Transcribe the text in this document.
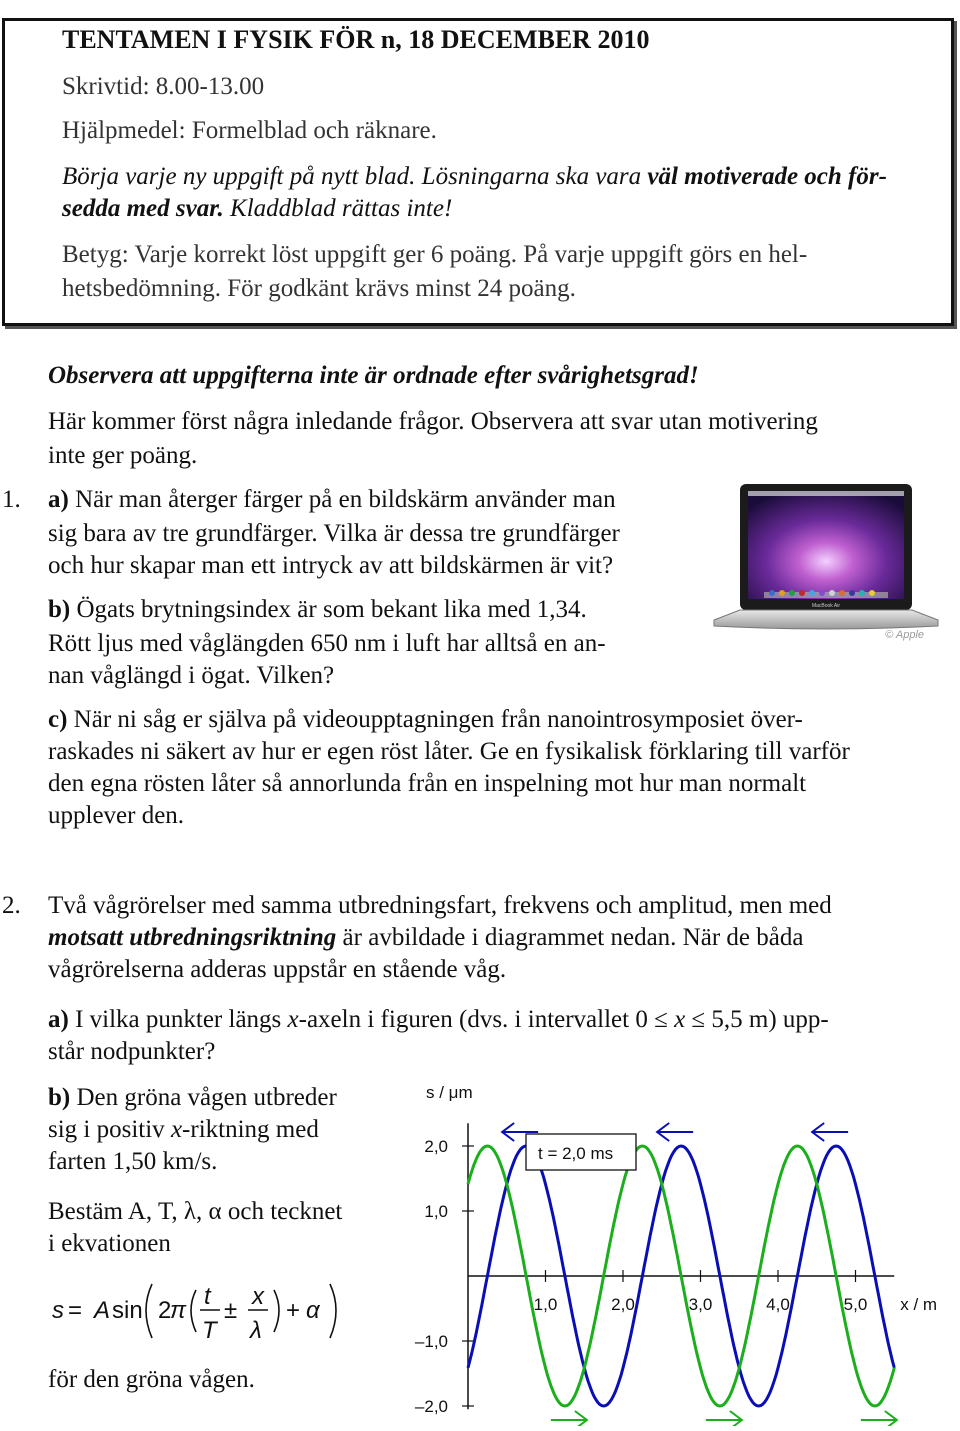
TENTAMEN I FYSIK FÖR n, 18 DECEMBER 2010
Skrivtid: 8.00-13.00
Hjälpmedel: Formelblad och räknare.
Börja varje ny uppgift på nytt blad. Lösningarna ska vara väl motiverade och för-
sedda med svar. Kladdblad rättas inte!
Betyg: Varje korrekt löst uppgift ger 6 poäng. På varje uppgift görs en hel-
hetsbedömning. För godkänt krävs minst 24 poäng.
Observera att uppgifterna inte är ordnade efter svårighetsgrad!
Här kommer först några inledande frågor. Observera att svar utan motivering
inte ger poäng.
1. a) När man återger färger på en bildskärm använder man
sig bara av tre grundfärger. Vilka är dessa tre grundfärger
och hur skapar man ett intryck av att bildskärmen är vit?
b) Ögats brytningsindex är som bekant lika med 1,34.
Rött ljus med våglängden 650 nm i luft har alltså en an-
nan våglängd i ögat. Vilken?
MacBook Air
© Apple
c) När ni såg er själva på videoupptagningen från nanointrosymposiet över-
raskades ni säkert av hur er egen röst låter. Ge en fysikalisk förklaring till varför
den egna rösten låter så annorlunda från en inspelning mot hur man normalt
upplever den.
2. Två vågrörelser med samma utbredningsfart, frekvens och amplitud, men med
motsatt utbredningsriktning är avbildade i diagrammet nedan. När de båda
vågrörelserna adderas uppstår en stående våg.
a) I vilka punkter längs x-axeln i figuren (dvs. i intervallet 0 ≤ x ≤ 5,5 m) upp-
står nodpunkter?
b) Den gröna vågen utbreder
sig i positiv x-riktning med
farten 1,50 km/s.
Bestäm A, T, λ, α och tecknet
i ekvationen
s = A sin 2
π
t
T
±
x
λ
+ α
för den gröna vågen.
1,0	2,0	3,0	4,0	5,0
2,0
1,0
–1,0
–2,0
s / μm
x / m
t = 2,0 ms
